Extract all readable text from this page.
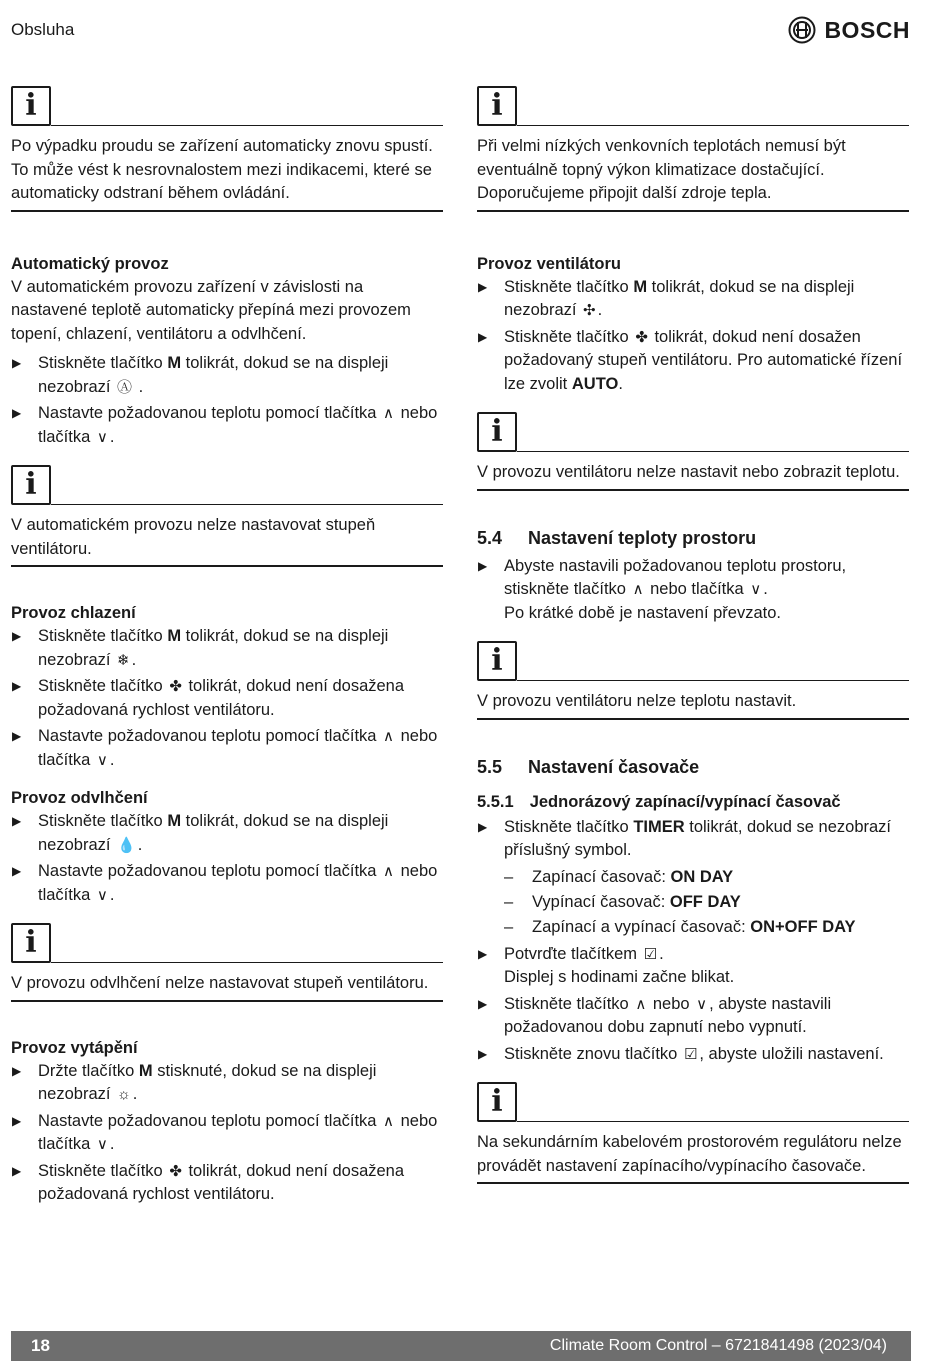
Obsluha	BOSCH
i
Po výpadku proudu se zařízení automaticky znovu spustí. To může vést k nesrovnalostem mezi indikacemi, které se automaticky odstraní během ovládání.
Automatický provoz

V automatickém provozu zařízení v závislosti na nastavené teplotě automaticky přepíná mezi provozem topení, chlazení, ventilátoru a odvlhčení.

▶ Stiskněte tlačítko M tolikrát, dokud se na displeji nezobrazí Ⓐ .
▶ Nastavte požadovanou teplotu pomocí tlačítka ∧ nebo tlačítka ∨ .
i
V automatickém provozu nelze nastavovat stupeň ventilátoru.
Provoz chlazení
▶ Stiskněte tlačítko M tolikrát, dokud se na displeji nezobrazí ❄ .
▶ Stiskněte tlačítko ✤ tolikrát, dokud není dosažena požadovaná rychlost ventilátoru.
▶ Nastavte požadovanou teplotu pomocí tlačítka ∧ nebo tlačítka ∨ .
Provoz odvlhčení
▶ Stiskněte tlačítko M tolikrát, dokud se na displeji nezobrazí 💧 .
▶ Nastavte požadovanou teplotu pomocí tlačítka ∧ nebo tlačítka ∨ .
i
V provozu odvlhčení nelze nastavovat stupeň ventilátoru.
Provoz vytápění
▶ Držte tlačítko M stisknuté, dokud se na displeji nezobrazí ☼ .
▶ Nastavte požadovanou teplotu pomocí tlačítka ∧ nebo tlačítka ∨ .
▶ Stiskněte tlačítko ✤ tolikrát, dokud není dosažena požadovaná rychlost ventilátoru.
i
Při velmi nízkých venkovních teplotách nemusí být eventuálně topný výkon klimatizace dostačující. Doporučujeme připojit další zdroje tepla.
Provoz ventilátoru
▶ Stiskněte tlačítko M tolikrát, dokud se na displeji nezobrazí ✣ .
▶ Stiskněte tlačítko ✤ tolikrát, dokud není dosažen požadovaný stupeň ventilátoru. Pro automatické řízení lze zvolit AUTO.
i
V provozu ventilátoru nelze nastavit nebo zobrazit teplotu.
5.4 Nastavení teploty prostoru
▶ Abyste nastavili požadovanou teplotu prostoru, stiskněte tlačítko ∧ nebo tlačítka ∨ .
Po krátké době je nastavení převzato.
i
V provozu ventilátoru nelze teplotu nastavit.
5.5 Nastavení časovače
5.5.1 Jednorázový zapínací/vypínací časovač
▶ Stiskněte tlačítko TIMER tolikrát, dokud se nezobrazí příslušný symbol.
– Zapínací časovač: ON DAY
– Vypínací časovač: OFF DAY
– Zapínací a vypínací časovač: ON+OFF DAY
▶ Potvrďte tlačítkem ☑ .
Displej s hodinami začne blikat.
▶ Stiskněte tlačítko ∧ nebo ∨ , abyste nastavili požadovanou dobu zapnutí nebo vypnutí.
▶ Stiskněte znovu tlačítko ☑ , abyste uložili nastavení.
i
Na sekundárním kabelovém prostorovém regulátoru nelze provádět nastavení zapínacího/vypínacího časovače.
18	Climate Room Control – 6721841498 (2023/04)
